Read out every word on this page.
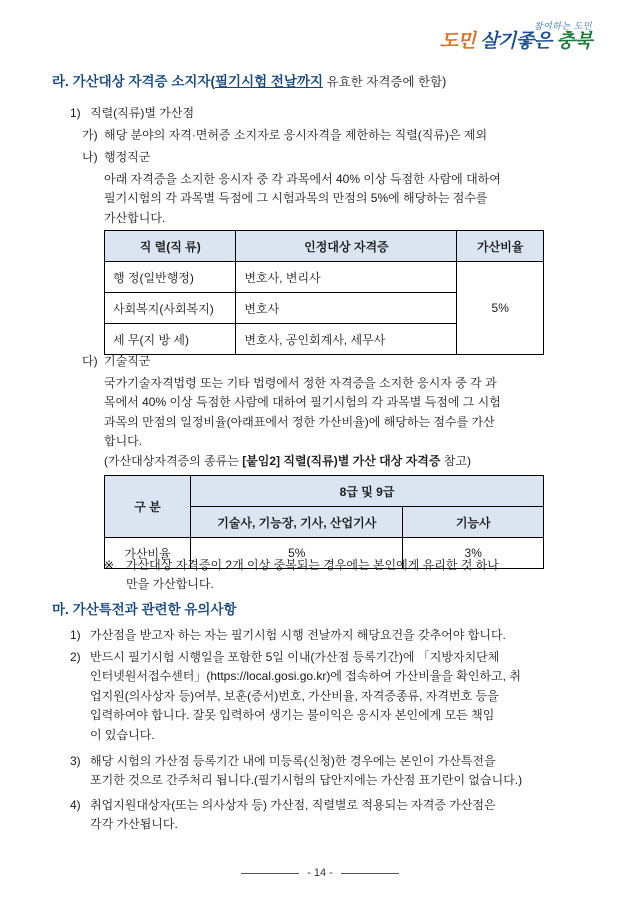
참여하는 도민
도민 살기좋은 충북
라. 가산대상 자격증 소지자(필기시험 전날까지 유효한 자격증에 한함)
1)	직렬(직류)별 가산점
가)	해당 분야의 자격·면허증 소지자로 응시자격을 제한하는 직렬(직류)은 제외
나)	행정직군
아래 자격증을 소지한 응시자 중 각 과목에서 40% 이상 득점한 사람에 대하여
필기시험의 각 과목별 득점에 그 시험과목의 만점의 5%에 해당하는 점수를
가산합니다.
직 렬(직 류)	인정대상 자격증	가산비율
행 정(일반행정)	변호사, 변리사	5%
사회복지(사회복지)	변호사	
세 무(지 방 세)	변호사, 공인회계사, 세무사	
다)	기술직군
국가기술자격법령 또는 기타 법령에서 정한 자격증을 소지한 응시자 중 각 과
목에서 40% 이상 득점한 사람에 대하여 필기시험의 각 과목별 득점에 그 시험
과목의 만점의 일정비율(아래표에서 정한 가산비율)에 해당하는 점수를 가산
합니다.
(가산대상자격증의 종류는 [붙임2] 직렬(직류)별 가산 대상 자격증 참고)
구 분	8급 및 9급	
	기술사, 기능장, 기사, 산업기사	기능사
가산비율	5%	3%
※	가산대상 자격증이 2개 이상 중복되는 경우에는 본인에게 유리한 것 하나
만을 가산합니다.
마. 가산특전과 관련한 유의사항
1)	가산점을 받고자 하는 자는 필기시험 시행 전날까지 해당요건을 갖추어야 합니다.
2)	반드시 필기시험 시행일을 포함한 5일 이내(가산점 등록기간)에 「지방자치단체
인터넷원서접수센터」(https://local.gosi.go.kr)에 접속하여 가산비율을 확인하고, 취
업지원(의사상자 등)여부, 보훈(증서)번호, 가산비율, 자격증종류, 자격번호 등을
입력하여야 합니다. 잘못 입력하여 생기는 불이익은 응시자 본인에게 모든 책임
이 있습니다.
3)	해당 시험의 가산점 등록기간 내에 미등록(신청)한 경우에는 본인이 가산특전을
포기한 것으로 간주처리 됩니다.(필기시험의 답안지에는 가산점 표기란이 없습니다.)
4)	취업지원대상자(또는 의사상자 등) 가산점, 직렬별로 적용되는 자격증 가산점은
각각 가산됩니다.
- 14 -
